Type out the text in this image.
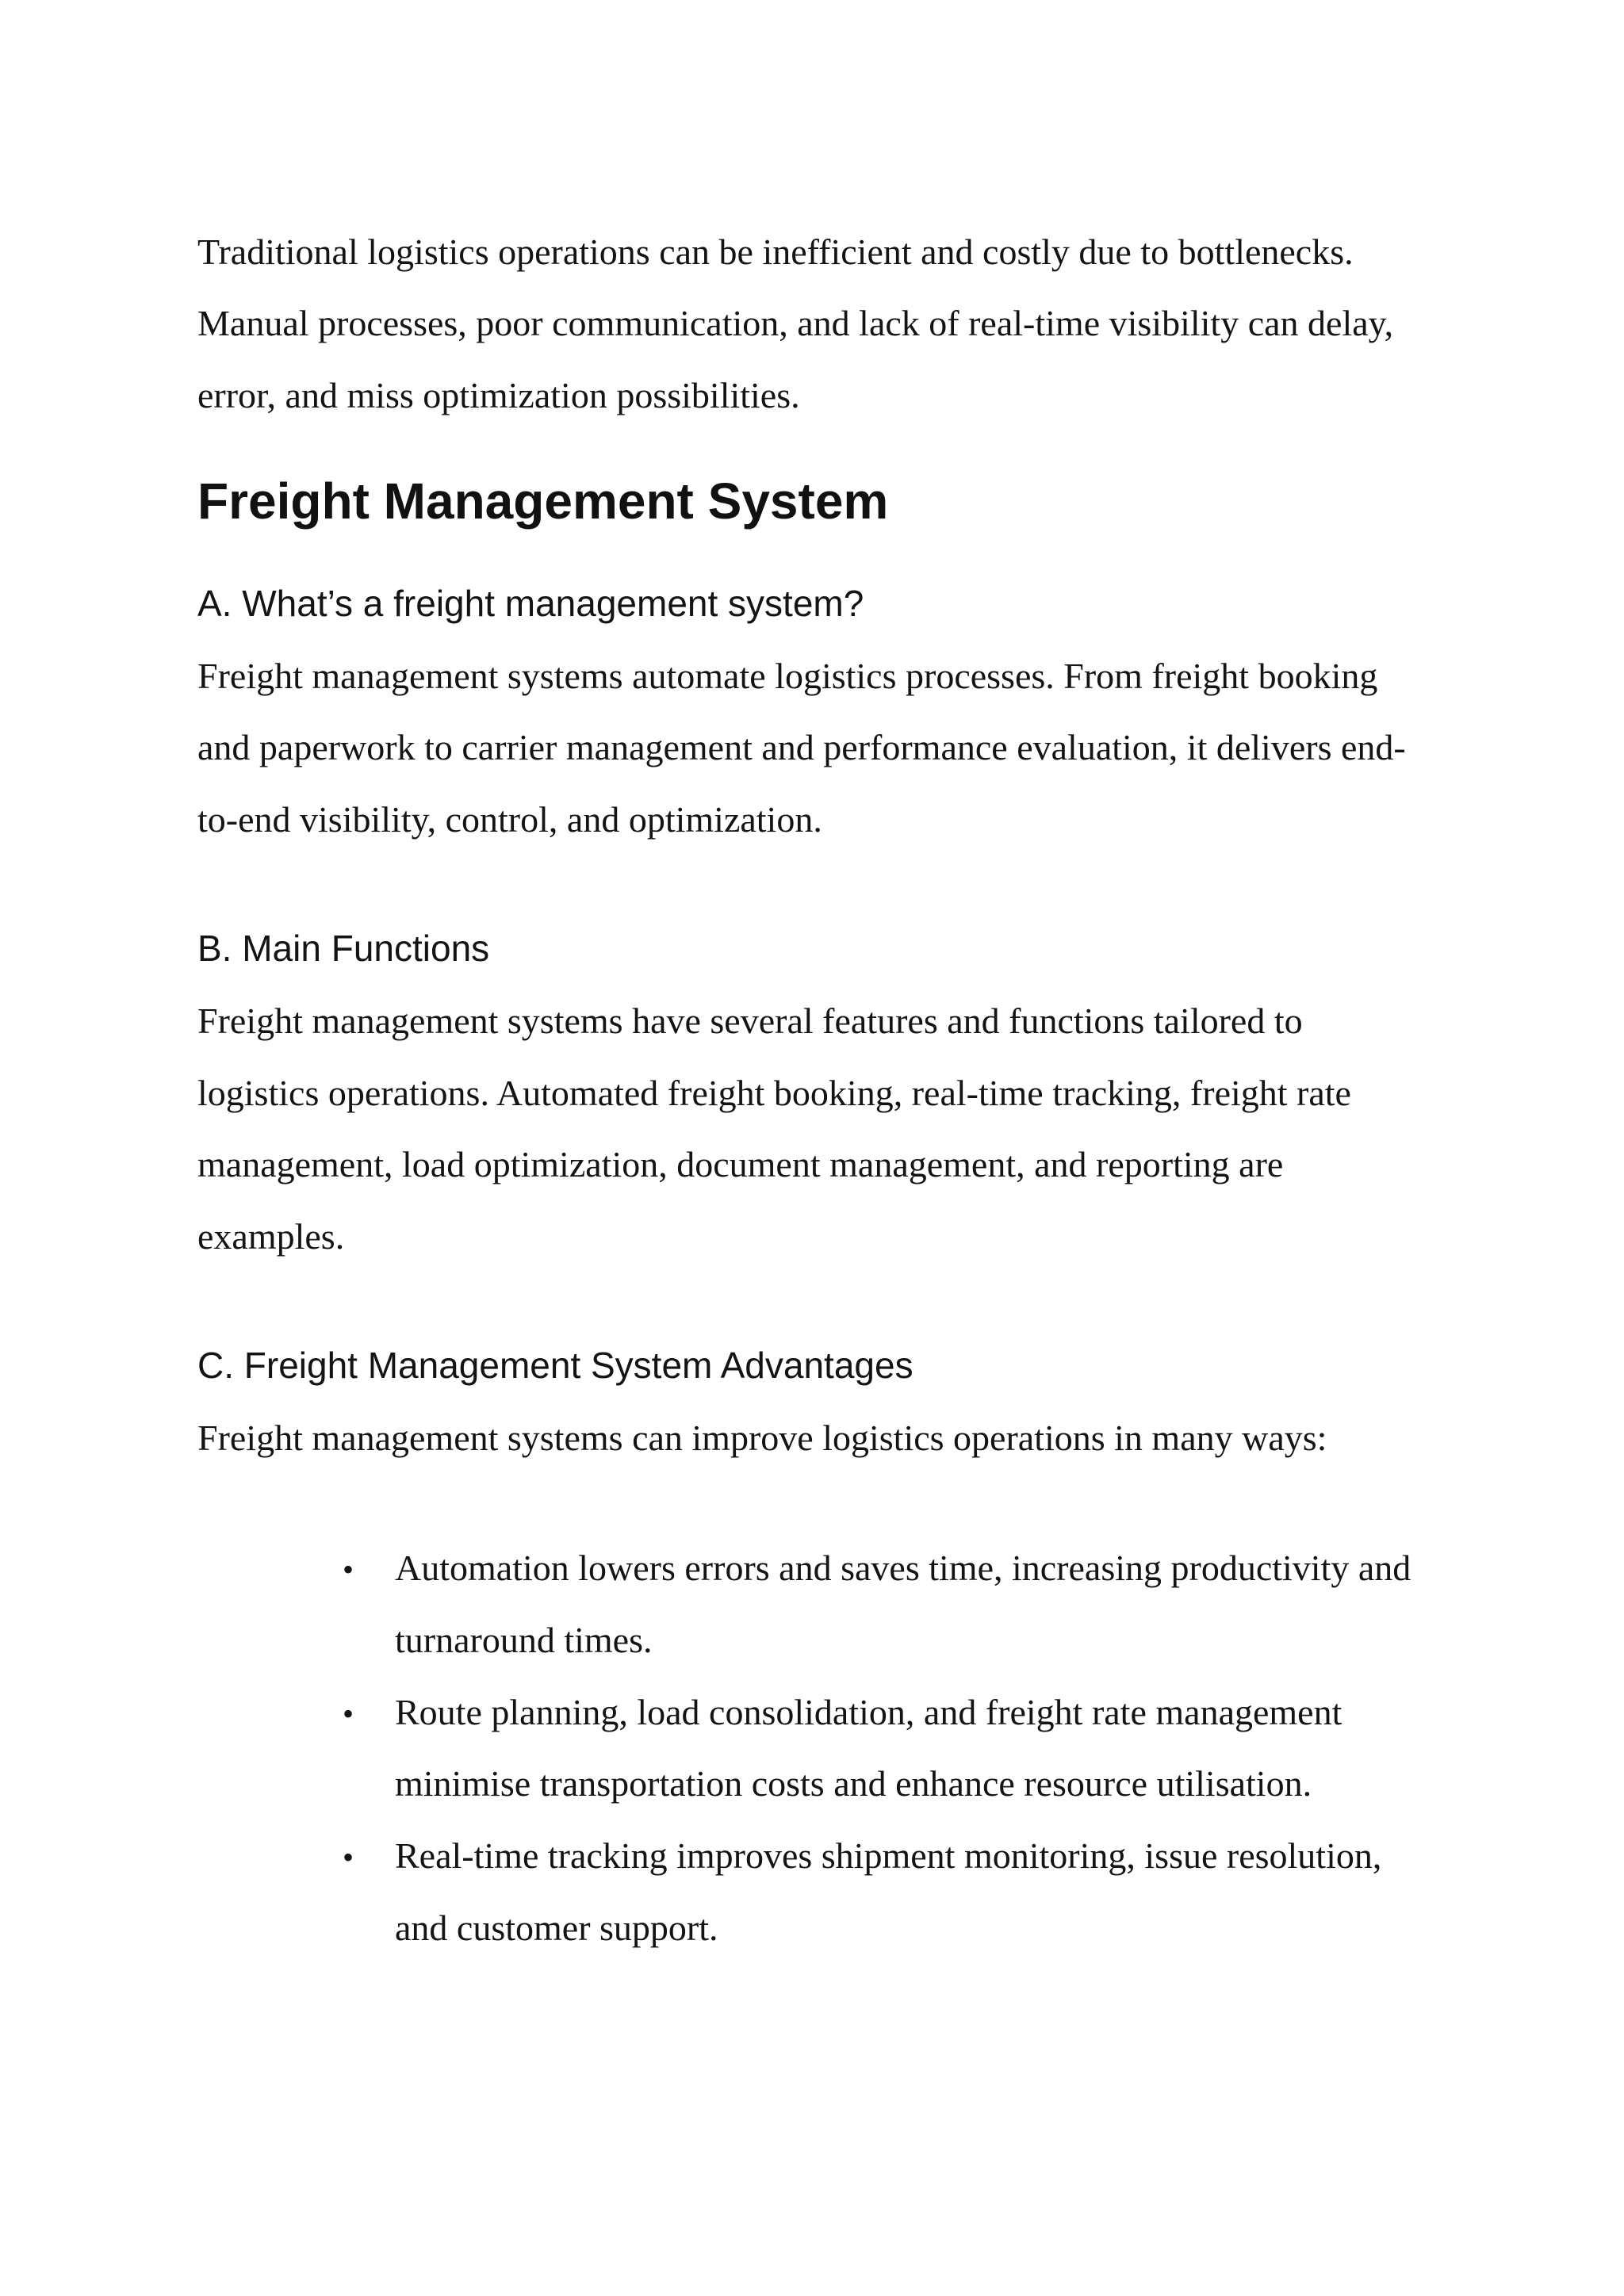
Traditional logistics operations can be inefficient and costly due to bottlenecks.
Manual processes, poor communication, and lack of real-time visibility can delay,
error, and miss optimization possibilities.
Freight Management System
A. What’s a freight management system?
Freight management systems automate logistics processes. From freight booking
and paperwork to carrier management and performance evaluation, it delivers end-
to-end visibility, control, and optimization.
B. Main Functions
Freight management systems have several features and functions tailored to
logistics operations. Automated freight booking, real-time tracking, freight rate
management, load optimization, document management, and reporting are
examples.
C. Freight Management System Advantages
Freight management systems can improve logistics operations in many ways:
• Automation lowers errors and saves time, increasing productivity and
turnaround times.
• Route planning, load consolidation, and freight rate management
minimise transportation costs and enhance resource utilisation.
• Real-time tracking improves shipment monitoring, issue resolution,
and customer support.
